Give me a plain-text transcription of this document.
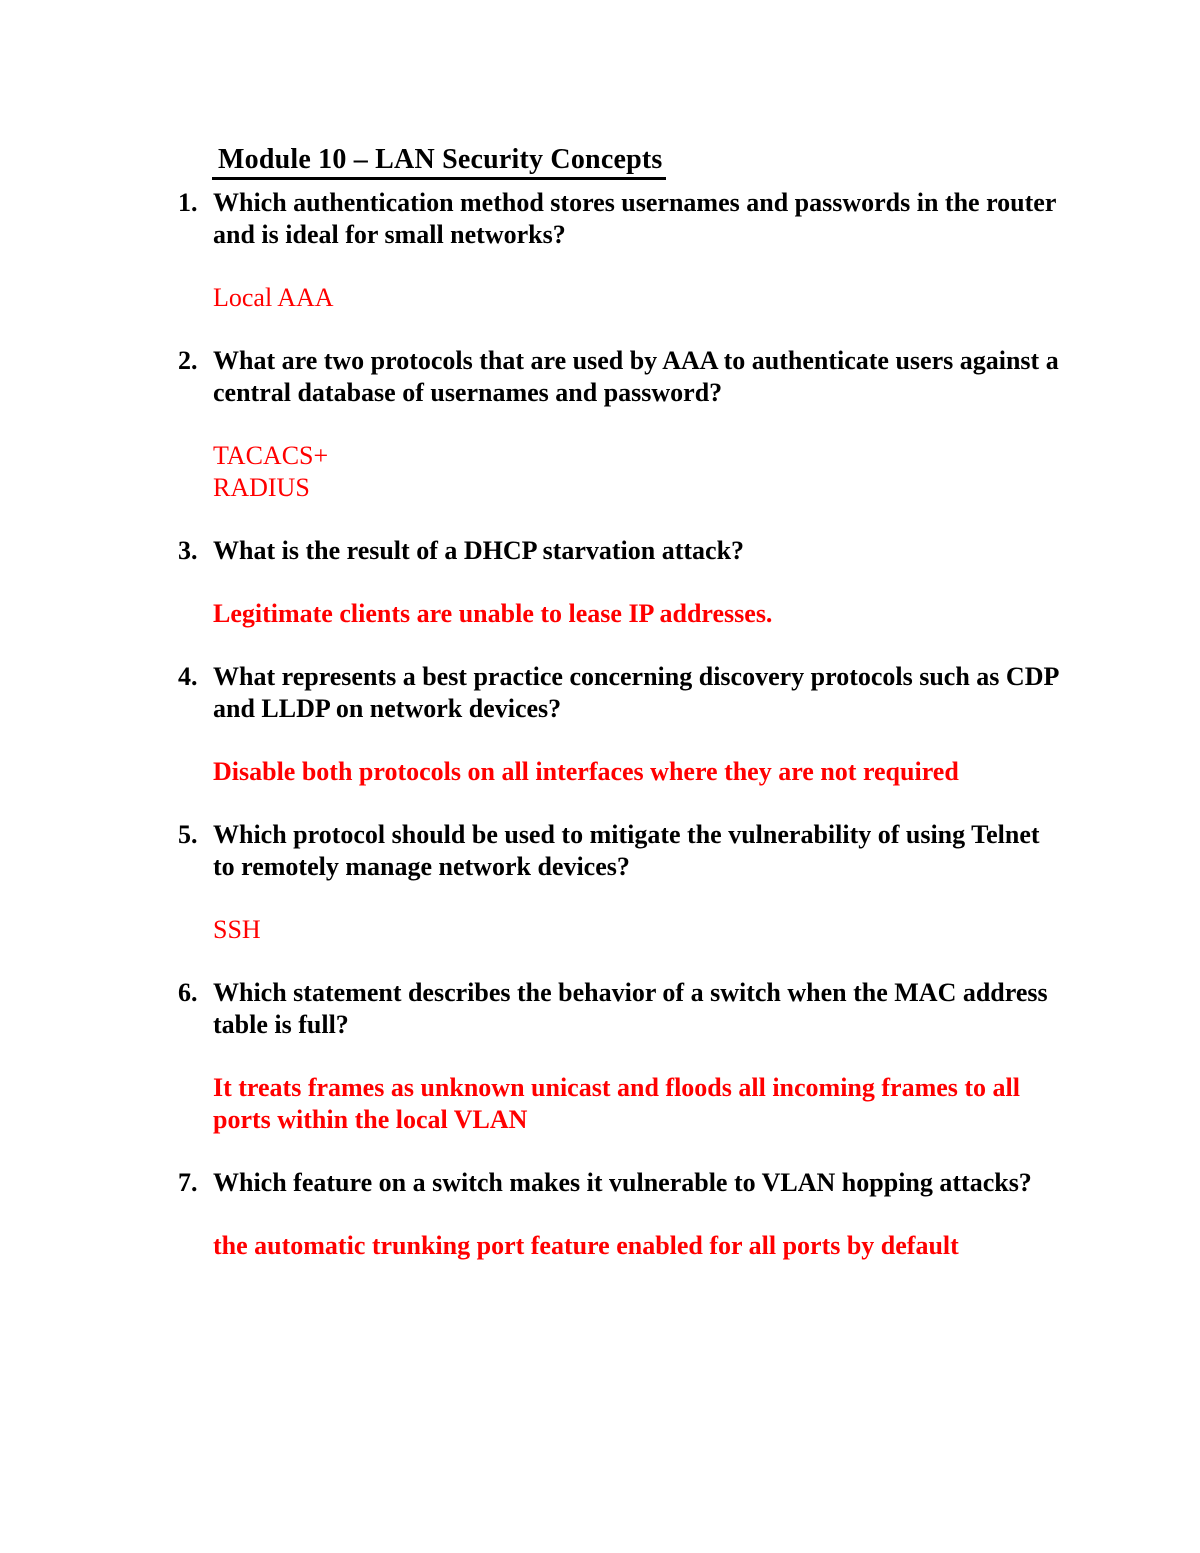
Module 10 – LAN Security Concepts
1. Which authentication method stores usernames and passwords in the router
and is ideal for small networks?
Local AAA
2. What are two protocols that are used by AAA to authenticate users against a
central database of usernames and password?
TACACS+
RADIUS
3. What is the result of a DHCP starvation attack?
Legitimate clients are unable to lease IP addresses.
4. What represents a best practice concerning discovery protocols such as CDP
and LLDP on network devices?
Disable both protocols on all interfaces where they are not required
5. Which protocol should be used to mitigate the vulnerability of using Telnet
to remotely manage network devices?
SSH
6. Which statement describes the behavior of a switch when the MAC address
table is full?
It treats frames as unknown unicast and floods all incoming frames to all
ports within the local VLAN
7. Which feature on a switch makes it vulnerable to VLAN hopping attacks?
the automatic trunking port feature enabled for all ports by default
